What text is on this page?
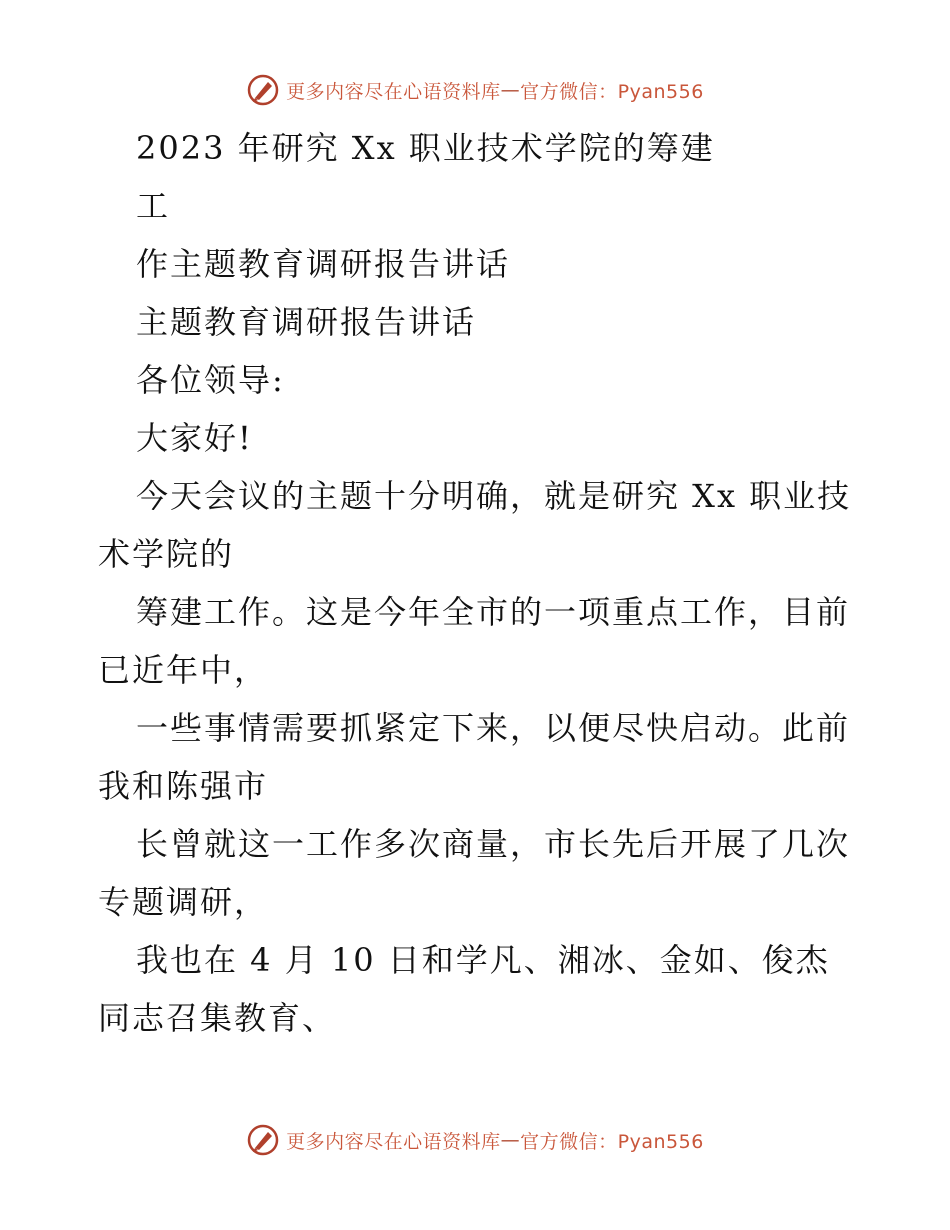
更多内容尽在心语资料库 — 官方微信：Pyan556
2023 年研究 Xx 职业技术学院的筹建
工
作主题教育调研报告讲话
主题教育调研报告讲话
各位领导:
大家好!
今天会议的主题十分明确，就是研究 Xx 职业技
术学院的
筹建工作。这是今年全市的一项重点工作，目前
已近年中，
一些事情需要抓紧定下来，以便尽快启动。此前
我和陈强市
长曾就这一工作多次商量，市长先后开展了几次
专题调研，
我也在 4 月 10 日和学凡、湘冰、金如、俊杰
同志召集教育、
更多内容尽在心语资料库 — 官方微信：Pyan556
